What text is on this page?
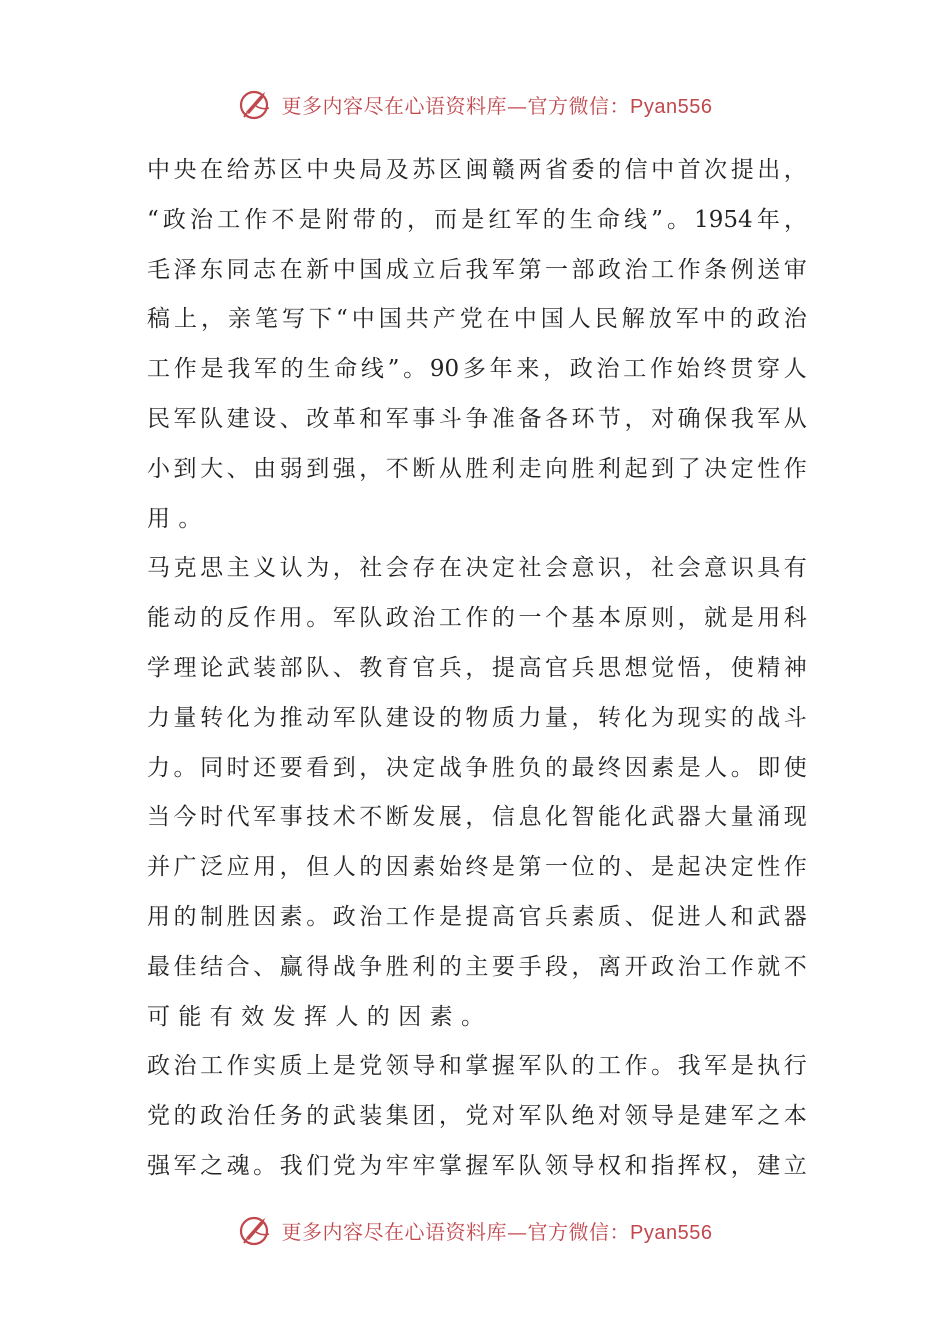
更多内容尽在心语资料库—官方微信：Pyan556
中 央 在 给 苏 区 中 央 局 及 苏 区 闽 赣 两 省 委 的 信 中 首 次 提 出 ，
“ 政 治 工 作 不 是 附 带 的 ， 而 是 红 军 的 生 命 线 ” 。 1954 年 ，
毛 泽 东 同 志 在 新 中 国 成 立 后 我 军 第 一 部 政 治 工 作 条 例 送 审
稿 上 ， 亲 笔 写 下 “ 中 国 共 产 党 在 中 国 人 民 解 放 军 中 的 政 治
工 作 是 我 军 的 生 命 线 ” 。 90 多 年 来 ， 政 治 工 作 始 终 贯 穿 人
民 军 队 建 设 、 改 革 和 军 事 斗 争 准 备 各 环 节 ， 对 确 保 我 军 从
小 到 大 、 由 弱 到 强 ， 不 断 从 胜 利 走 向 胜 利 起 到 了 决 定 性 作
用。
马 克 思 主 义 认 为 ， 社 会 存 在 决 定 社 会 意 识 ， 社 会 意 识 具 有
能 动 的 反 作 用 。 军 队 政 治 工 作 的 一 个 基 本 原 则 ， 就 是 用 科
学 理 论 武 装 部 队 、 教 育 官 兵 ， 提 高 官 兵 思 想 觉 悟 ， 使 精 神
力 量 转 化 为 推 动 军 队 建 设 的 物 质 力 量 ， 转 化 为 现 实 的 战 斗
力 。 同 时 还 要 看 到 ， 决 定 战 争 胜 负 的 最 终 因 素 是 人 。 即 使
当 今 时 代 军 事 技 术 不 断 发 展 ， 信 息 化 智 能 化 武 器 大 量 涌 现
并 广 泛 应 用 ， 但 人 的 因 素 始 终 是 第 一 位 的 、 是 起 决 定 性 作
用 的 制 胜 因 素 。 政 治 工 作 是 提 高 官 兵 素 质 、 促 进 人 和 武 器
最 佳 结 合 、 赢 得 战 争 胜 利 的 主 要 手 段 ， 离 开 政 治 工 作 就 不
可能有效发挥人的因素。
政 治 工 作 实 质 上 是 党 领 导 和 掌 握 军 队 的 工 作 。 我 军 是 执 行
党 的 政 治 任 务 的 武 装 集 团 ， 党 对 军 队 绝 对 领 导 是 建 军 之 本
强 军 之 魂 。 我 们 党 为 牢 牢 掌 握 军 队 领 导 权 和 指 挥 权 ， 建 立
更多内容尽在心语资料库—官方微信：Pyan556
